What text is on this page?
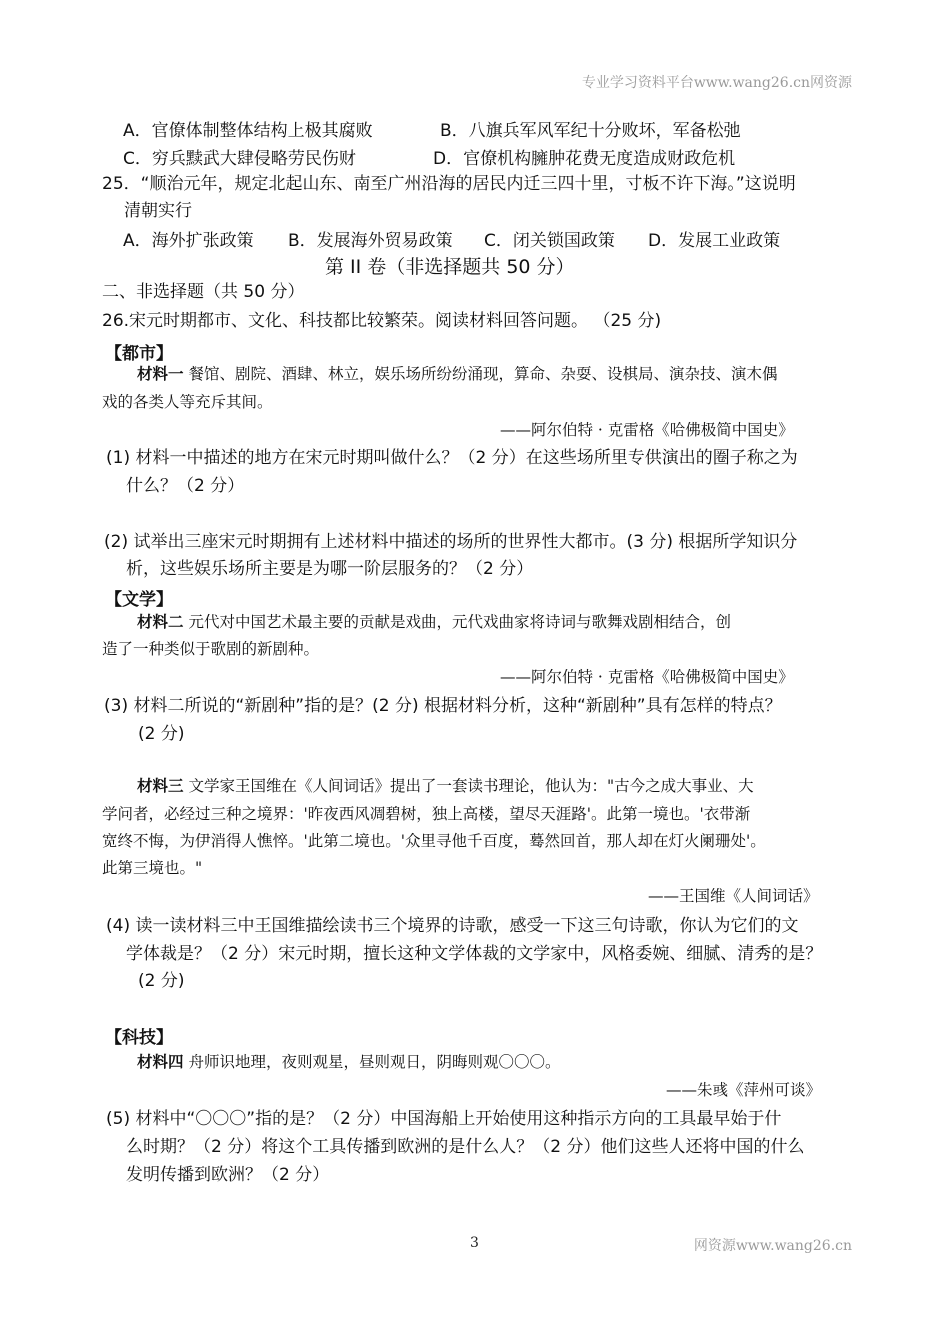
专业学习资料平台www.wang26.cn网资源
A．官僚体制整体结构上极其腐败	B．八旗兵军风军纪十分败坏，军备松弛
C．穷兵黩武大肆侵略劳民伤财	D．官僚机构臃肿花费无度造成财政危机
25．“顺治元年，规定北起山东、南至广州沿海的居民内迁三四十里，寸板不许下海。”这说明
清朝实行
A．海外扩张政策 B．发展海外贸易政策 C．闭关锁国政策 D．发展工业政策
第 II 卷（非选择题共 50 分）
二、非选择题（共 50 分）
26.宋元时期都市、文化、科技都比较繁荣。阅读材料回答问题。 （25 分)
【都市】
材料一 餐馆、剧院、酒肆、林立，娱乐场所纷纷涌现，算命、杂耍、设棋局、演杂技、演木偶
戏的各类人等充斥其间。
——阿尔伯特 · 克雷格《哈佛极简中国史》
(1) 材料一中描述的地方在宋元时期叫做什么？（2 分）在这些场所里专供演出的圈子称之为
什么？（2 分）
(2) 试举出三座宋元时期拥有上述材料中描述的场所的世界性大都市。(3 分) 根据所学知识分
析，这些娱乐场所主要是为哪一阶层服务的？（2 分）
【文学】
材料二 元代对中国艺术最主要的贡献是戏曲，元代戏曲家将诗词与歌舞戏剧相结合，创
造了一种类似于歌剧的新剧种。
——阿尔伯特 · 克雷格《哈佛极简中国史》
(3) 材料二所说的“新剧种”指的是？(2 分) 根据材料分析，这种“新剧种”具有怎样的特点？
(2 分)
材料三 文学家王国维在《人间词话》提出了一套读书理论，他认为："古今之成大事业、大
学问者，必经过三种之境界：'昨夜西风凋碧树，独上高楼，望尽天涯路'。此第一境也。'衣带渐
宽终不悔，为伊消得人憔悴。'此第二境也。'众里寻他千百度，蓦然回首，那人却在灯火阑珊处'。
此第三境也。"
——王国维《人间词话》
(4) 读一读材料三中王国维描绘读书三个境界的诗歌，感受一下这三句诗歌，你认为它们的文
学体裁是？（2 分）宋元时期，擅长这种文学体裁的文学家中，风格委婉、细腻、清秀的是？
(2 分)
【科技】
材料四 舟师识地理，夜则观星，昼则观日，阴晦则观〇〇〇。
——朱彧《萍州可谈》
(5) 材料中“〇〇〇”指的是？（2 分）中国海船上开始使用这种指示方向的工具最早始于什
么时期？（2 分）将这个工具传播到欧洲的是什么人？（2 分）他们这些人还将中国的什么
发明传播到欧洲？（2 分）
3	网资源www.wang26.cn
